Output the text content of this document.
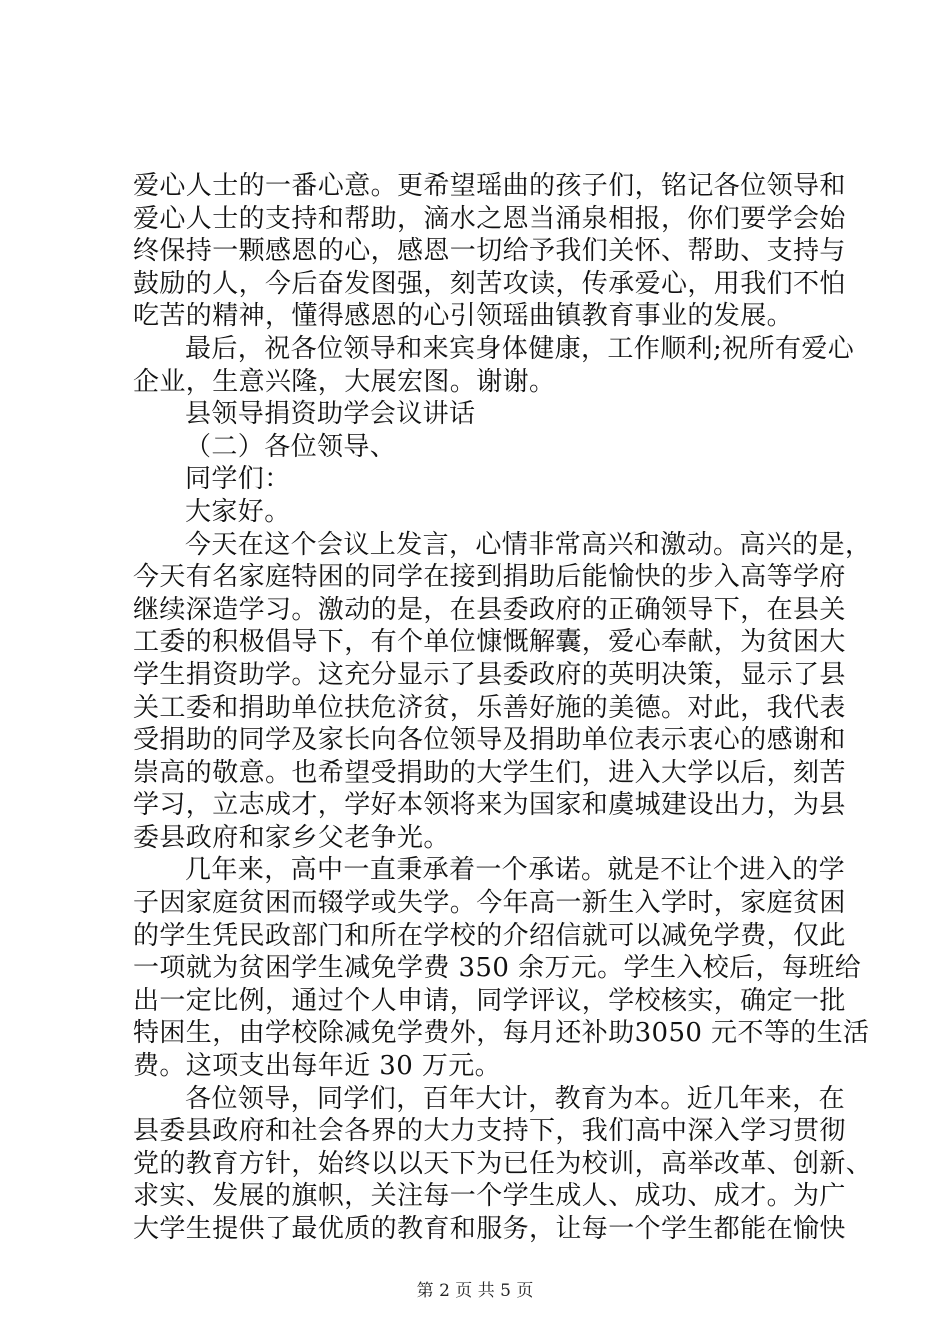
爱心人士的一番心意。更希望瑶曲的孩子们，铭记各位领导和
爱心人士的支持和帮助，滴水之恩当涌泉相报，你们要学会始
终保持一颗感恩的心，感恩一切给予我们关怀、帮助、支持与
鼓励的人，今后奋发图强，刻苦攻读，传承爱心，用我们不怕
吃苦的精神，懂得感恩的心引领瑶曲镇教育事业的发展。
最后，祝各位领导和来宾身体健康，工作顺利;祝所有爱心
企业，生意兴隆，大展宏图。谢谢。
县领导捐资助学会议讲话
（二）各位领导、
同学们：
大家好。
今天在这个会议上发言，心情非常高兴和激动。高兴的是，
今天有名家庭特困的同学在接到捐助后能愉快的步入高等学府
继续深造学习。激动的是，在县委政府的正确领导下，在县关
工委的积极倡导下，有个单位慷慨解囊，爱心奉献，为贫困大
学生捐资助学。这充分显示了县委政府的英明决策，显示了县
关工委和捐助单位扶危济贫，乐善好施的美德。对此，我代表
受捐助的同学及家长向各位领导及捐助单位表示衷心的感谢和
崇高的敬意。也希望受捐助的大学生们，进入大学以后，刻苦
学习，立志成才，学好本领将来为国家和虞城建设出力，为县
委县政府和家乡父老争光。
几年来，高中一直秉承着一个承诺。就是不让个进入的学
子因家庭贫困而辍学或失学。今年高一新生入学时，家庭贫困
的学生凭民政部门和所在学校的介绍信就可以减免学费，仅此
一项就为贫困学生减免学费 350 余万元。学生入校后，每班给
出一定比例，通过个人申请，同学评议，学校核实，确定一批
特困生，由学校除减免学费外，每月还补助3050 元不等的生活
费。这项支出每年近 30 万元。
各位领导，同学们，百年大计，教育为本。近几年来，在
县委县政府和社会各界的大力支持下，我们高中深入学习贯彻
党的教育方针，始终以以天下为已任为校训，高举改革、创新、
求实、发展的旗帜，关注每一个学生成人、成功、成才。为广
大学生提供了最优质的教育和服务，让每一个学生都能在愉快
第 2 页 共 5 页
